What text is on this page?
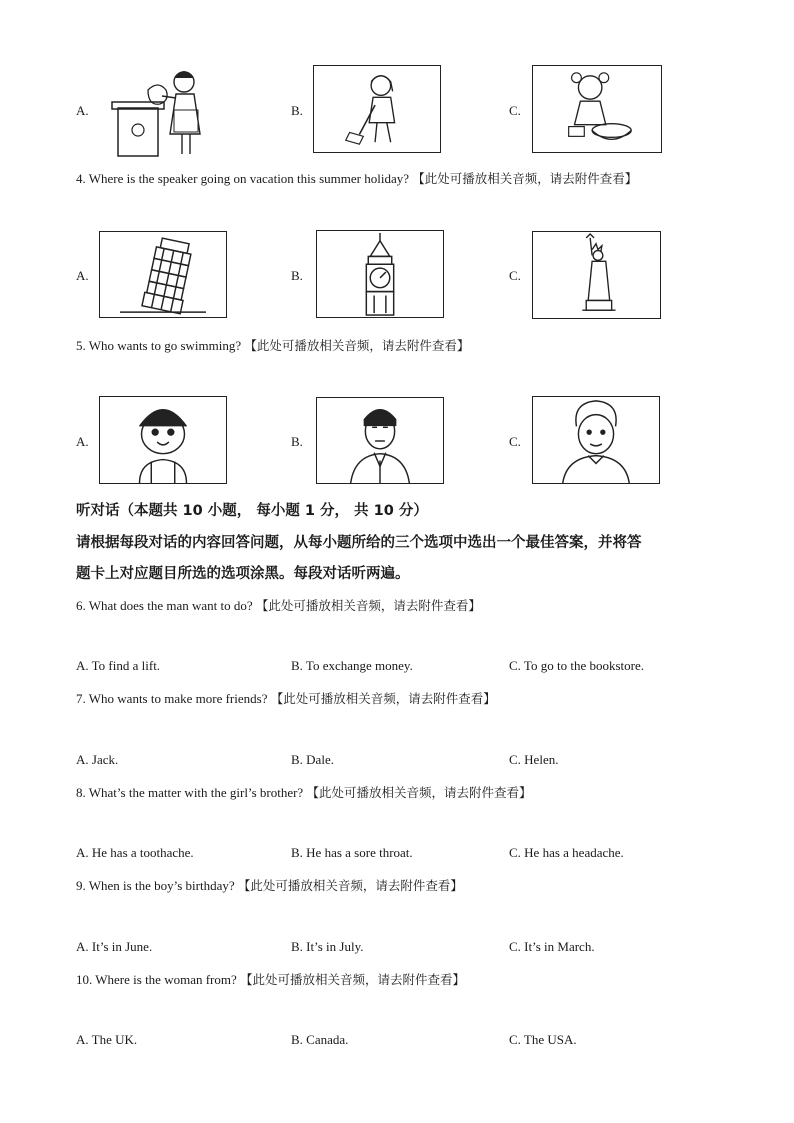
A.	B.	C.
4. Where is the speaker going on vacation this summer holiday? 【此处可播放相关音频，请去附件查看】
A.	B.	C.
5. Who wants to go swimming? 【此处可播放相关音频，请去附件查看】
A.	B.	C.
听对话（本题共 10 小题， 每小题 1 分， 共 10 分）
请根据每段对话的内容回答问题，从每小题所给的三个选项中选出一个最佳答案，并将答
题卡上对应题目所选的选项涂黑。每段对话听两遍。
6. What does the man want to do? 【此处可播放相关音频，请去附件查看】
A. To find a lift.	B. To exchange money.	C. To go to the bookstore.
7. Who wants to make more friends? 【此处可播放相关音频，请去附件查看】
A. Jack.	B. Dale.	C. Helen.
8. What’s the matter with the girl’s brother? 【此处可播放相关音频，请去附件查看】
A. He has a toothache.	B. He has a sore throat.	C. He has a headache.
9. When is the boy’s birthday? 【此处可播放相关音频，请去附件查看】
A. It’s in June.	B. It’s in July.	C. It’s in March.
10. Where is the woman from? 【此处可播放相关音频，请去附件查看】
A. The UK.	B. Canada.	C. The USA.
